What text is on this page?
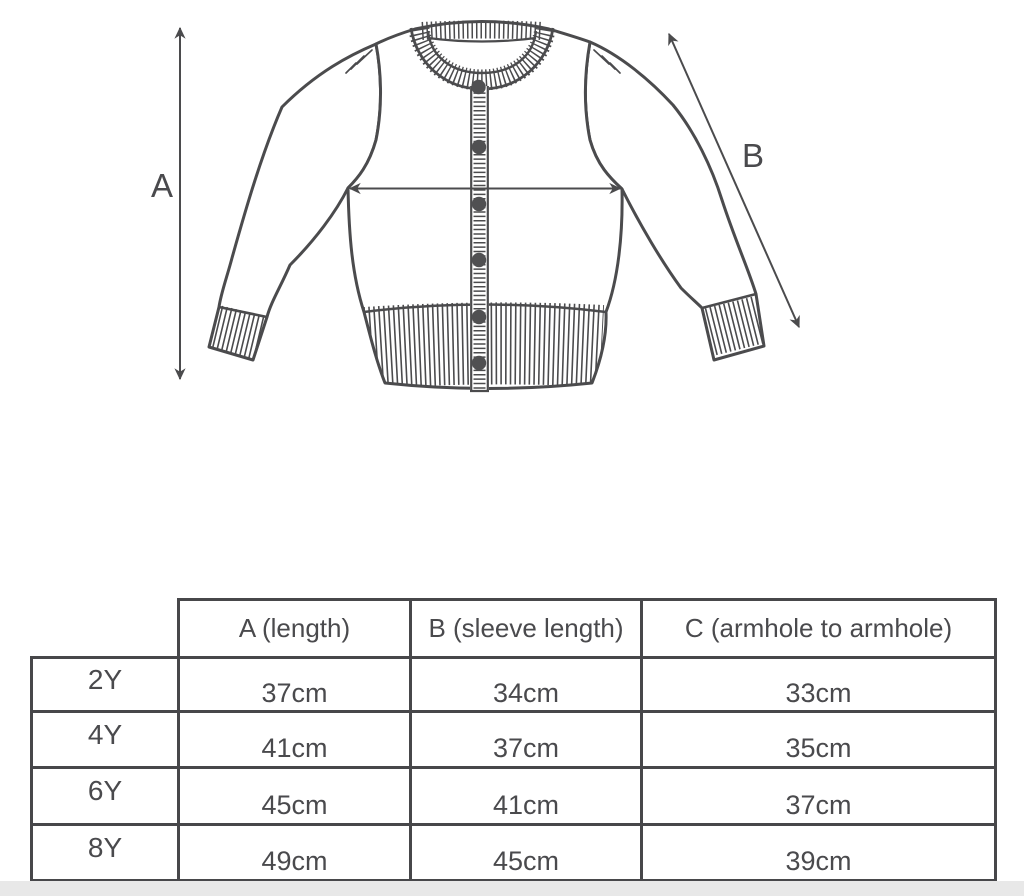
A
B
	A (length)	B (sleeve length)	C (armhole to armhole)
2Y	37cm	34cm	33cm
4Y	41cm	37cm	35cm
6Y	45cm	41cm	37cm
8Y	49cm	45cm	39cm
